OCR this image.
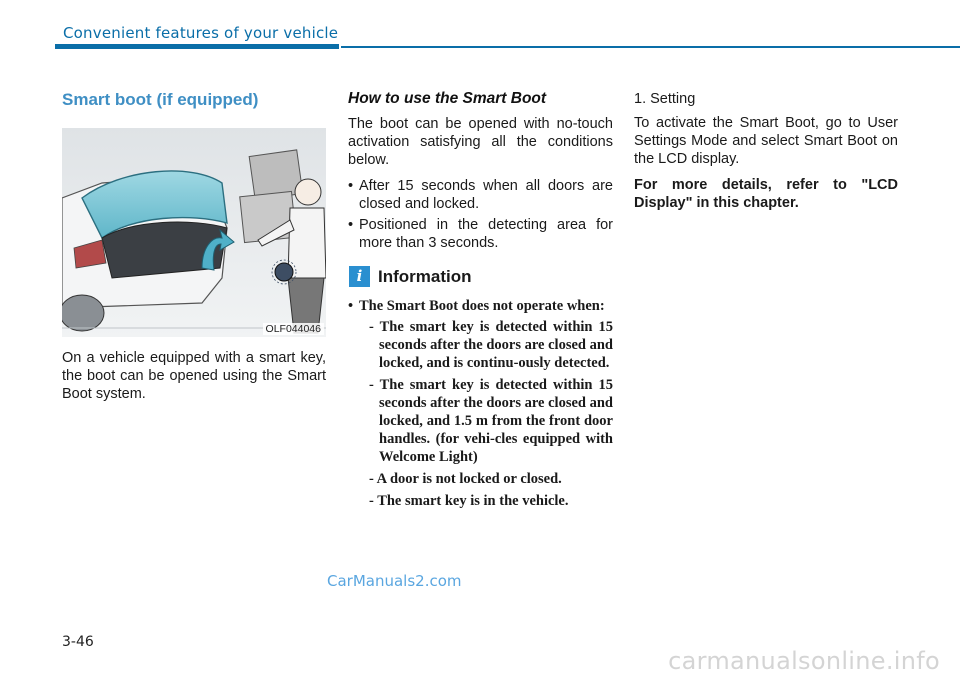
Convenient features of your vehicle
Smart boot (if equipped)
OLF044046
On a vehicle equipped with a smart key, the boot can be opened using the Smart Boot system.
How to use the Smart Boot
The boot can be opened with no-touch activation satisfying all the conditions below.
• After 15 seconds when all doors are closed and locked.
• Positioned in the detecting area for more than 3 seconds.
i Information
• The Smart Boot does not operate when:
- The smart key is detected within 15 seconds after the doors are closed and locked, and is continu-ously detected.
- The smart key is detected within 15 seconds after the doors are closed and locked, and 1.5 m from the front door handles. (for vehi-cles equipped with Welcome Light)
- A door is not locked or closed.
- The smart key is in the vehicle.
1. Setting
To activate the Smart Boot, go to User Settings Mode and select Smart Boot on the LCD display.
For more details, refer to "LCD Display" in this chapter.
CarManuals2.com
3-46
carmanualsonline.info
